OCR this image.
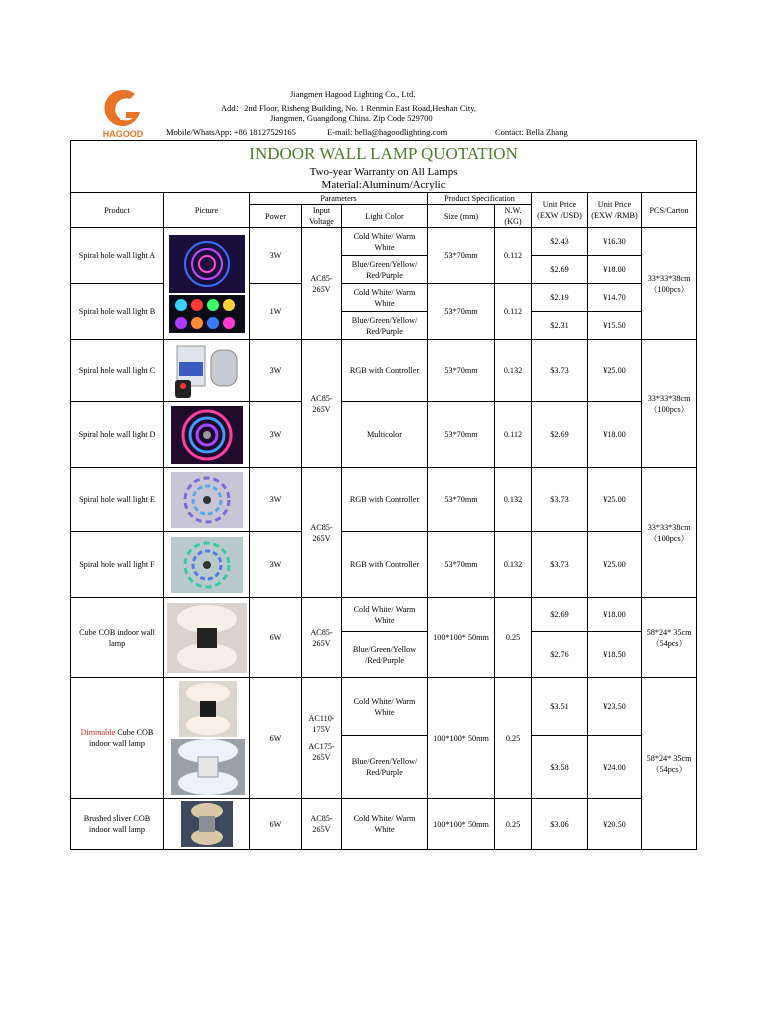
HAGOOD
Jiangmen Hagood Lighting Co., Ltd.
Add：2nd Floor, Risheng Building, No. 1 Renmin East Road,Heshan City,
Jiangmen, Guangdong China. Zip Code 529700
Mobile/WhatsApp: +86 18127529165	E-mail: bella@hagoodlighting.com	Contact: Bella Zhang
INDOOR WALL LAMP QUOTATION									
Two-year Warranty on All Lamps									
Material:Aluminum/Acrylic									
Product	Picture	Parameters			Product Specification		Unit Price (EXW /USD)	Unit Price (EXW /RMB)	PCS/Carton
		Power	Input Voltage	Light Color	Size (mm)	N.W.(KG)			
Spiral hole wall light A		3W	AC85-265V	Cold White/ Warm White	53*70mm	0.112	$2.43	¥16.30	33*33*38cm （100pcs）
				Blue/Green/Yellow/ Red/Purple			$2.69	¥18.00	
Spiral hole wall light B		1W		Cold White/ Warm White	53*70mm	0.112	$2.19	¥14.70	
				Blue/Green/Yellow/ Red/Purple			$2.31	¥15.50	
Spiral hole wall light C		3W	AC85-265V	RGB with Controller	53*70mm	0.132	$3.73	¥25.00	33*33*38cm （100pcs）
Spiral hole wall light D		3W		Multicolor	53*70mm	0.112	$2.69	¥18.00	
Spiral hole wall light E		3W	AC85-265V	RGB with Controller	53*70mm	0.132	$3.73	¥25.00	33*33*38cm （100pcs）
Spiral hole wall light F		3W		RGB with Controller	53*70mm	0.132	$3.73	¥25.00	
Cube COB indoor wall lamp		6W	AC85-265V	Cold White/ Warm White	100*100* 50mm	0.25	$2.69	¥18.00	58*24* 35cm （54pcs）
				Blue/Green/Yellow /Red/Purple			$2.76	¥18.50	
Dimmable Cube COB indoor wall lamp		6W	AC110-175V
AC175-265V	Cold White/ Warm White	100*100* 50mm	0.25	$3.51	¥23.50	58*24* 35cm （54pcs）
				Blue/Green/Yellow/ Red/Purple			$3.58	¥24.00	
Brushed sliver COB indoor wall lamp		6W	AC85-265V	Cold White/ Warm White	100*100* 50mm	0.25	$3.06	¥20.50	
